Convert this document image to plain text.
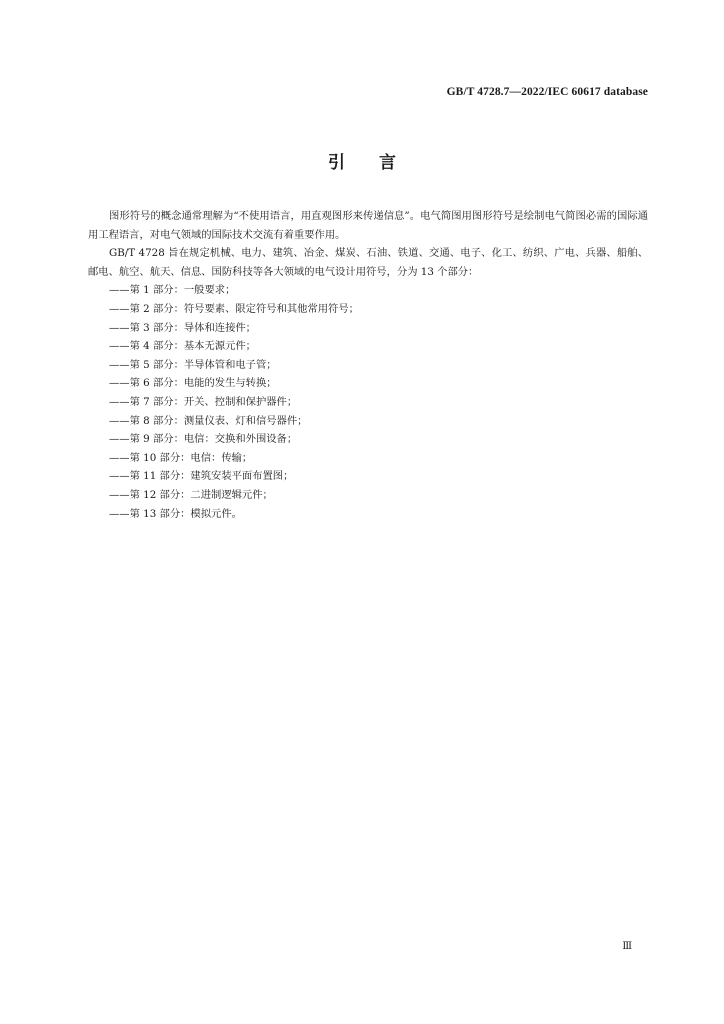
GB/T 4728.7—2022/IEC 60617 database
引言

图形符号的概念通常理解为“不使用语言，用直观图形来传递信息”。电气简图用图形符号是绘制电气简图必需的国际通用工程语言，对电气领域的国际技术交流有着重要作用。

GB/T 4728 旨在规定机械、电力、建筑、冶金、煤炭、石油、铁道、交通、电子、化工、纺织、广电、兵器、船舶、邮电、航空、航天、信息、国防科技等各大领域的电气设计用符号，分为 13 个部分：

——第 1 部分：一般要求；
——第 2 部分：符号要素、限定符号和其他常用符号；
——第 3 部分：导体和连接件；
——第 4 部分：基本无源元件；
——第 5 部分：半导体管和电子管；
——第 6 部分：电能的发生与转换；
——第 7 部分：开关、控制和保护器件；
——第 8 部分：测量仪表、灯和信号器件；
——第 9 部分：电信：交换和外围设备；
——第 10 部分：电信：传输；
——第 11 部分：建筑安装平面布置图；
——第 12 部分：二进制逻辑元件；
——第 13 部分：模拟元件。
Ⅲ
